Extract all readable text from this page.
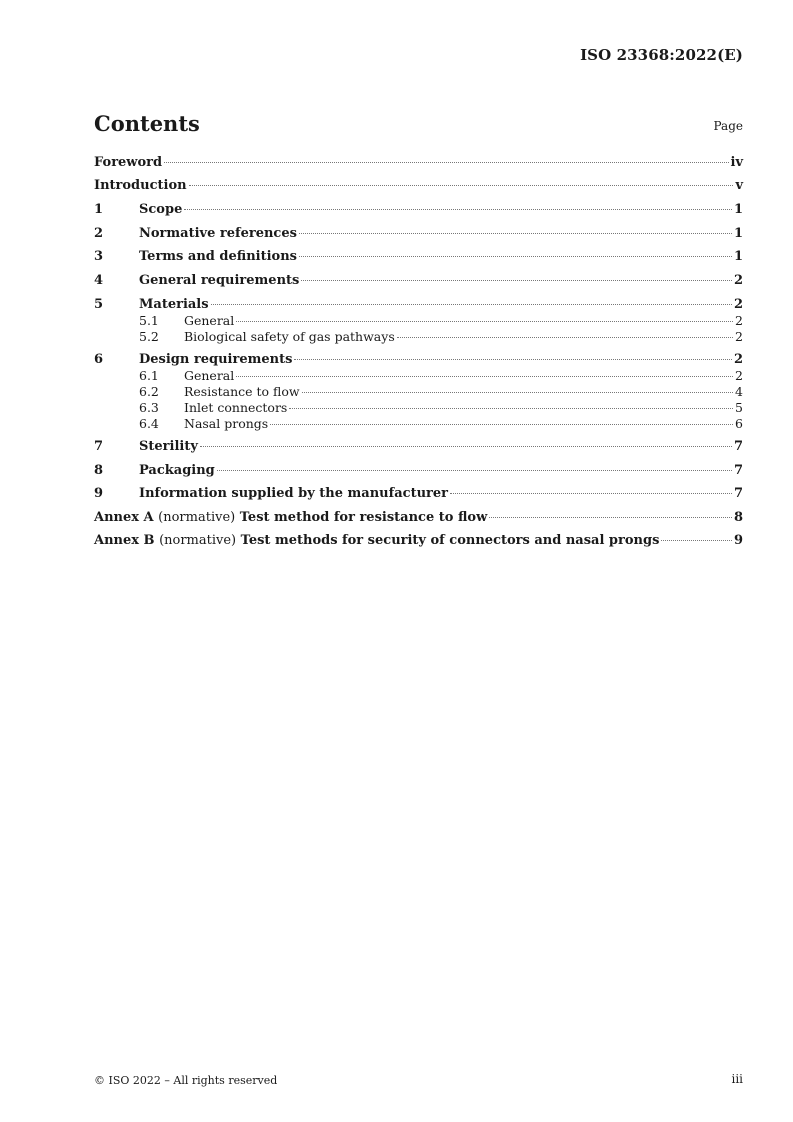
ISO 23368:2022(E)
Contents	Page
Foreword	iv
Introduction	v
1	Scope	1
2	Normative references	1
3	Terms and definitions	1
4	General requirements	2
5	Materials	2
5.1	General	2
5.2	Biological safety of gas pathways	2
6	Design requirements	2
6.1	General	2
6.2	Resistance to flow	4
6.3	Inlet connectors	5
6.4	Nasal prongs	6
7	Sterility	7
8	Packaging	7
9	Information supplied by the manufacturer	7
Annex A (normative) Test method for resistance to flow	8
Annex B (normative) Test methods for security of connectors and nasal prongs	9
© ISO 2022 – All rights reserved	iii
